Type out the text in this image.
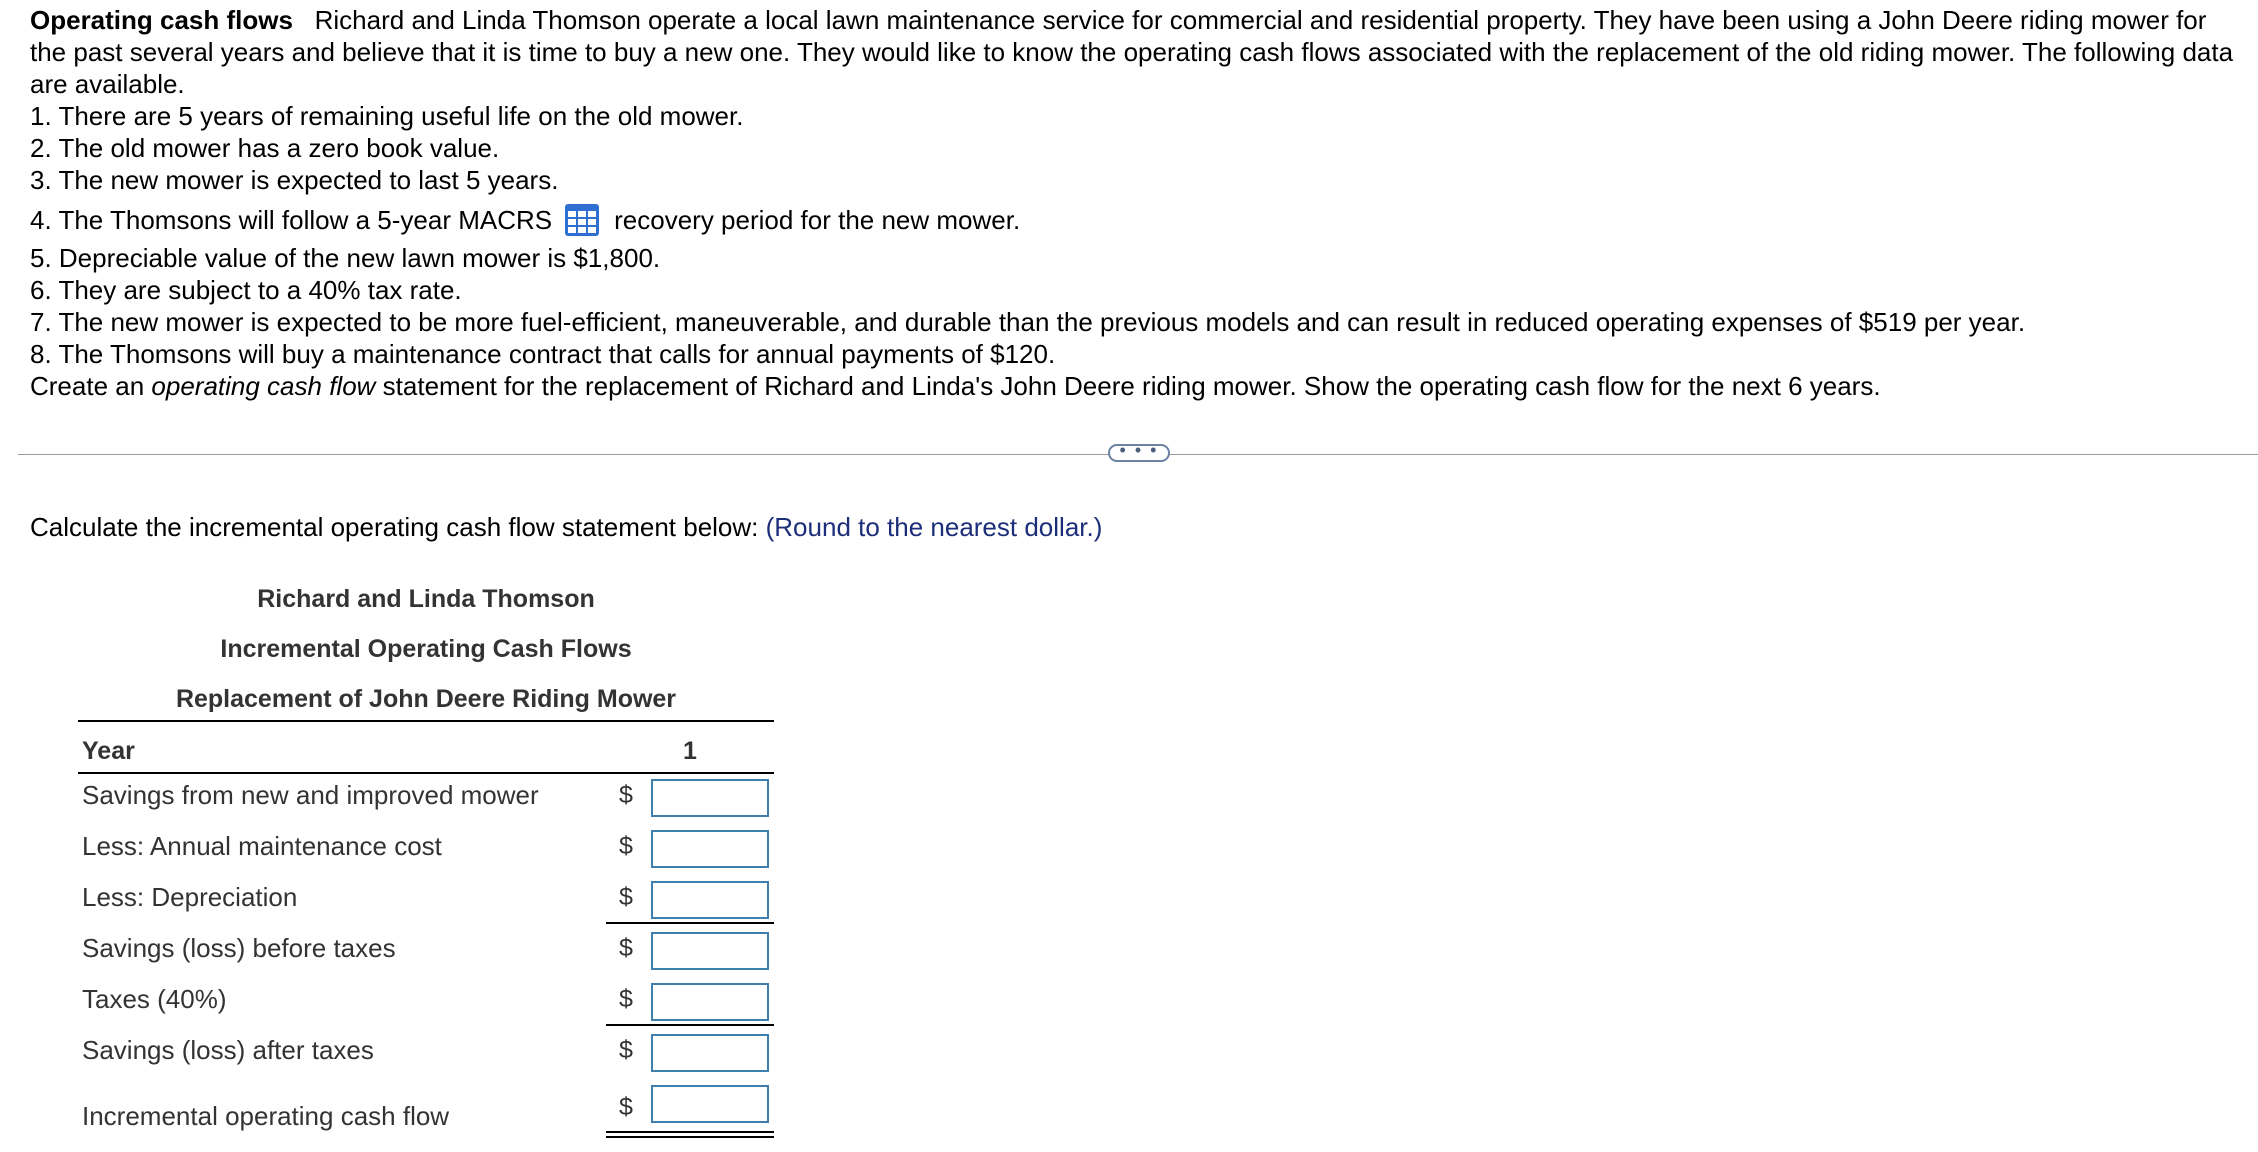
Operating cash flows Richard and Linda Thomson operate a local lawn maintenance service for commercial and residential property. They have been using a John Deere riding mower for the past several years and believe that it is time to buy a new one. They would like to know the operating cash flows associated with the replacement of the old riding mower. The following data are available.

1. There are 5 years of remaining useful life on the old mower.

2. The old mower has a zero book value.

3. The new mower is expected to last 5 years.

4. The Thomsons will follow a 5-year MACRS recovery period for the new mower.

5. Depreciable value of the new lawn mower is $1,800.

6. They are subject to a 40% tax rate.

7. The new mower is expected to be more fuel-efficient, maneuverable, and durable than the previous models and can result in reduced operating expenses of $519 per year.

8. The Thomsons will buy a maintenance contract that calls for annual payments of $120.

Create an operating cash flow statement for the replacement of Richard and Linda's John Deere riding mower. Show the operating cash flow for the next 6 years.

• • •
Calculate the incremental operating cash flow statement below: (Round to the nearest dollar.)
Richard and Linda Thomson
Incremental Operating Cash Flows
Replacement of John Deere Riding Mower
Year	1
Savings from new and improved mower	$
Less: Annual maintenance cost	$
Less: Depreciation	$
Savings (loss) before taxes	$
Taxes (40%)	$
Savings (loss) after taxes	$
Incremental operating cash flow	$
